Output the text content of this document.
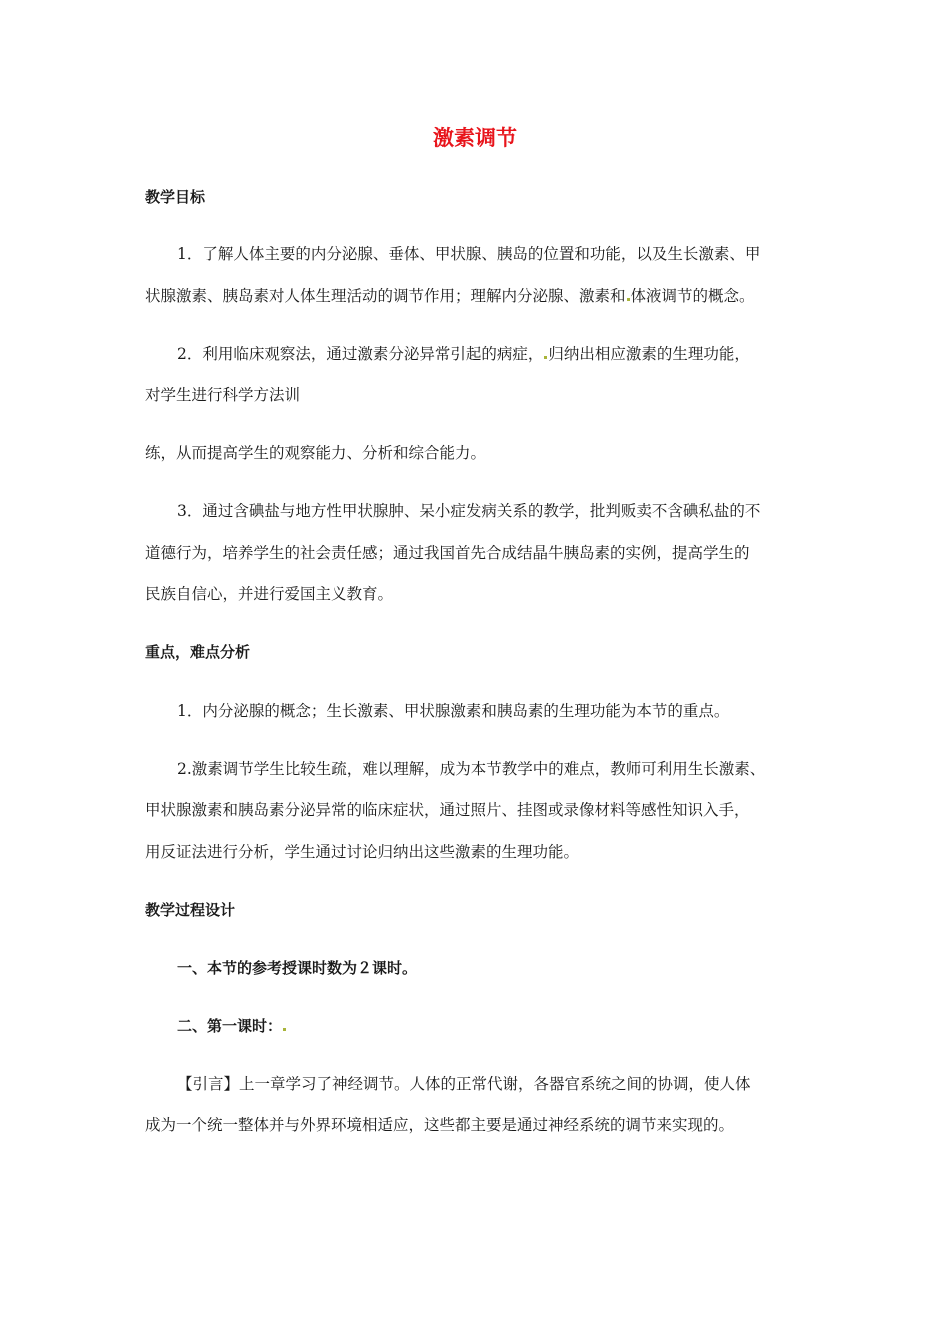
激素调节
教学目标
1．了解人体主要的内分泌腺、垂体、甲状腺、胰岛的位置和功能，以及生长激素、甲
状腺激素、胰岛素对人体生理活动的调节作用；理解内分泌腺、激素和 体液调节的概念。
2．利用临床观察法，通过激素分泌异常引起的病症， 归纳出相应激素的生理功能，
对学生进行科学方法训
练，从而提高学生的观察能力、分析和综合能力。
3．通过含碘盐与地方性甲状腺肿、呆小症发病关系的教学，批判贩卖不含碘私盐的不
道德行为，培养学生的社会责任感；通过我国首先合成结晶牛胰岛素的实例，提高学生的
民族自信心，并进行爱国主义教育。
重点，难点分析
1．内分泌腺的概念；生长激素、甲状腺激素和胰岛素的生理功能为本节的重点。
2.激素调节学生比较生疏，难以理解，成为本节教学中的难点，教师可利用生长激素、
甲状腺激素和胰岛素分泌异常的临床症状，通过照片、挂图或录像材料等感性知识入手，
用反证法进行分析，学生通过讨论归纳出这些激素的生理功能。
教学过程设计
一、本节的参考授课时数为２课时。
二、第一课时：
【引言】上一章学习了神经调节。人体的正常代谢，各器官系统之间的协调，使人体
成为一个统一整体并与外界环境相适应，这些都主要是通过神经系统的调节来实现的。
